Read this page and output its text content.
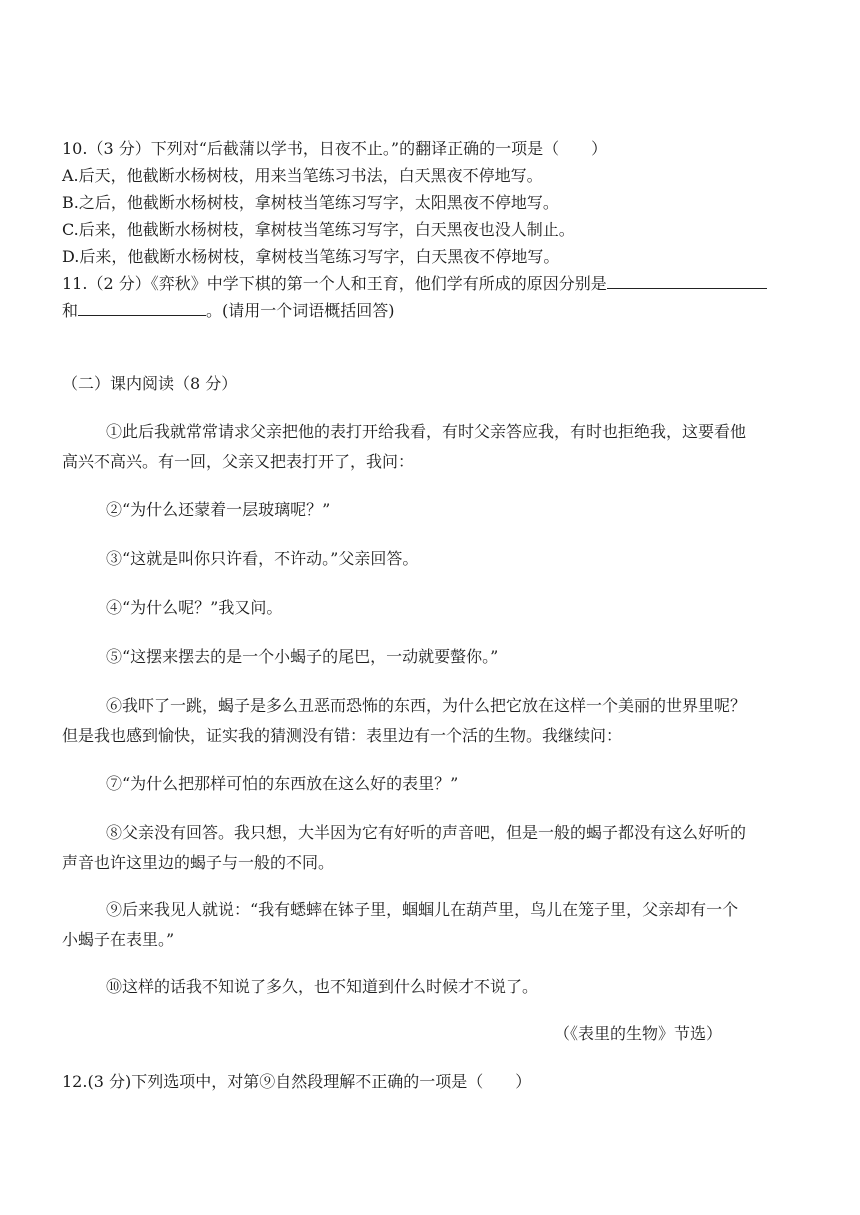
10.（3 分）下列对“后截蒲以学书，日夜不止。”的翻译正确的一项是（　　）
A.后天，他截断水杨树枝，用来当笔练习书法，白天黑夜不停地写。
B.之后，他截断水杨树枝，拿树枝当笔练习写字，太阳黑夜不停地写。
C.后来，他截断水杨树枝，拿树枝当笔练习写字，白天黑夜也没人制止。
D.后来，他截断水杨树枝，拿树枝当笔练习写字，白天黑夜不停地写。
11.（2 分）《弈秋》中学下棋的第一个人和王育，他们学有所成的原因分别是
和	。(请用一个词语概括回答)
（二）课内阅读（8 分）
①此后我就常常请求父亲把他的表打开给我看，有时父亲答应我，有时也拒绝我，这要看他
高兴不高兴。有一回，父亲又把表打开了，我问：
②“为什么还蒙着一层玻璃呢？”
③“这就是叫你只许看，不许动。”父亲回答。
④“为什么呢？”我又问。
⑤“这摆来摆去的是一个小蝎子的尾巴，一动就要螫你。”
⑥我吓了一跳，蝎子是多么丑恶而恐怖的东西，为什么把它放在这样一个美丽的世界里呢？
但是我也感到愉快，证实我的猜测没有错：表里边有一个活的生物。我继续问：
⑦“为什么把那样可怕的东西放在这么好的表里？”
⑧父亲没有回答。我只想，大半因为它有好听的声音吧，但是一般的蝎子都没有这么好听的
声音也许这里边的蝎子与一般的不同。
⑨后来我见人就说：“我有蟋蟀在钵子里，蝈蝈儿在葫芦里，鸟儿在笼子里，父亲却有一个
小蝎子在表里。”
⑩这样的话我不知说了多久，也不知道到什么时候才不说了。
（《表里的生物》节选）
12.(3 分)下列选项中，对第⑨自然段理解不正确的一项是（　　）
